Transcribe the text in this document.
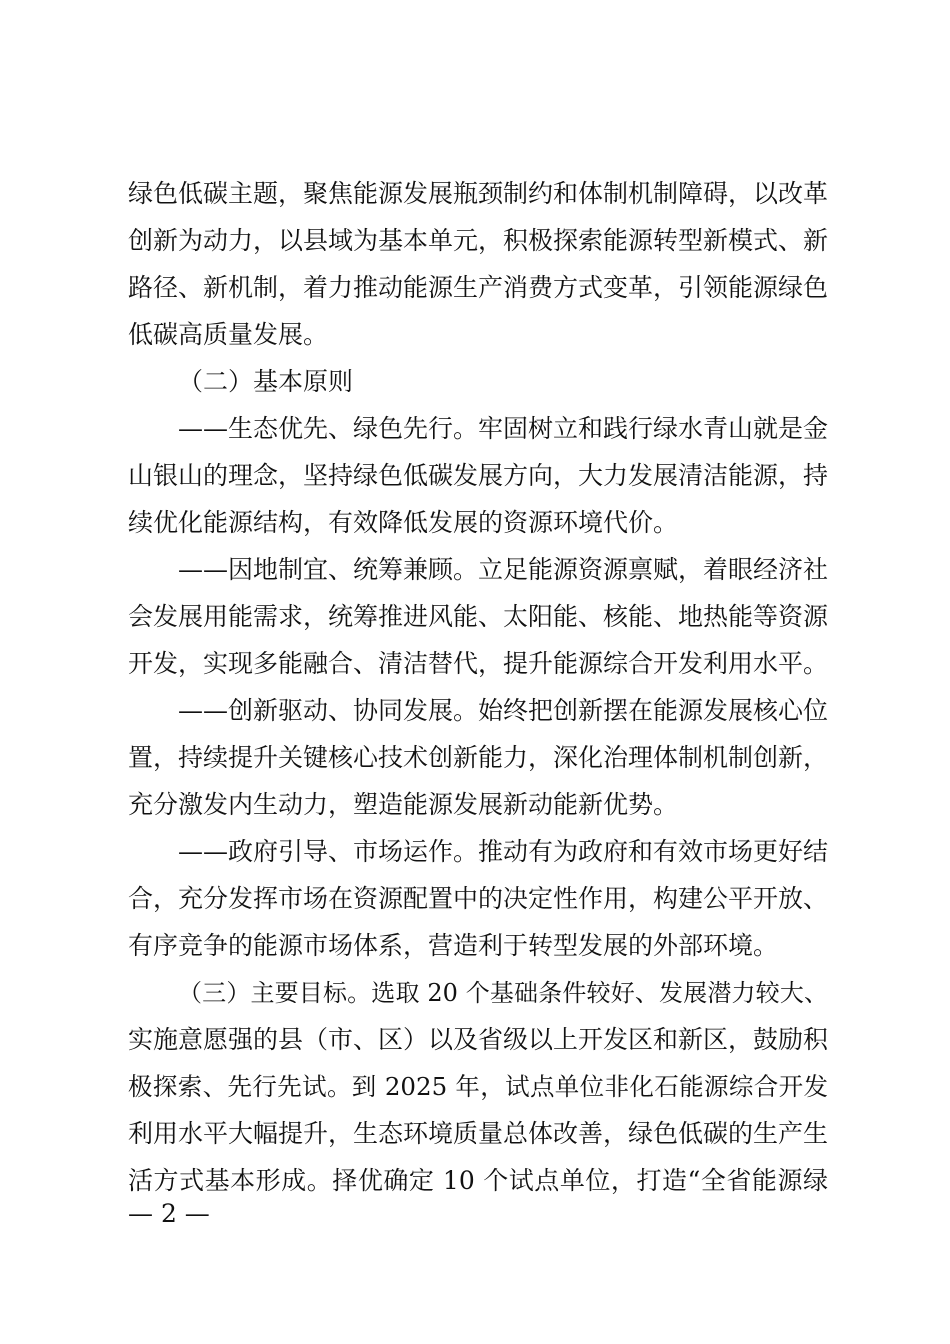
绿色低碳主题，聚焦能源发展瓶颈制约和体制机制障碍，以改革
创新为动力，以县域为基本单元，积极探索能源转型新模式、新
路径、新机制，着力推动能源生产消费方式变革，引领能源绿色
低碳高质量发展。
（二）基本原则
——生态优先、绿色先行。牢固树立和践行绿水青山就是金
山银山的理念，坚持绿色低碳发展方向，大力发展清洁能源，持
续优化能源结构，有效降低发展的资源环境代价。
——因地制宜、统筹兼顾。立足能源资源禀赋，着眼经济社
会发展用能需求，统筹推进风能、太阳能、核能、地热能等资源
开发，实现多能融合、清洁替代，提升能源综合开发利用水平。
——创新驱动、协同发展。始终把创新摆在能源发展核心位
置，持续提升关键核心技术创新能力，深化治理体制机制创新，
充分激发内生动力，塑造能源发展新动能新优势。
——政府引导、市场运作。推动有为政府和有效市场更好结
合，充分发挥市场在资源配置中的决定性作用，构建公平开放、
有序竞争的能源市场体系，营造利于转型发展的外部环境。
（三）主要目标。选取 20 个基础条件较好、发展潜力较大、
实施意愿强的县（市、区）以及省级以上开发区和新区，鼓励积
极探索、先行先试。到 2025 年，试点单位非化石能源综合开发
利用水平大幅提升，生态环境质量总体改善，绿色低碳的生产生
活方式基本形成。择优确定 10 个试点单位，打造“全省能源绿
— 2 —
